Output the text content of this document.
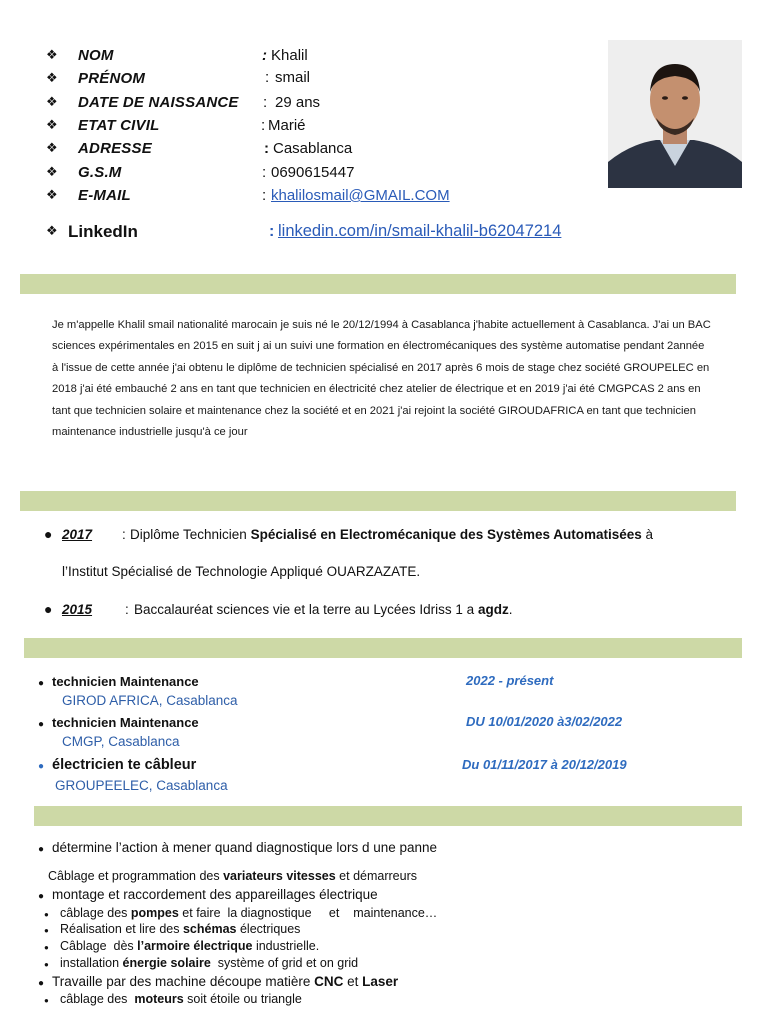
❖ NOM	: Khalil
❖ PRÉNOM	: smail
❖ DATE DE NAISSANCE : 29 ans
❖ ETAT CIVIL	: Marié
❖ ADRESSE	: Casablanca
❖ G.S.M	: 0690615447
❖ E-MAIL	: khalilosmail@GMAIL.COM
❖ LinkedIn	: linkedin.com/in/smail-khalil-b62047214
Je m'appelle Khalil smail nationalité marocain je suis né le 20/12/1994 à Casablanca j'habite actuellement à Casablanca. J'ai un BAC sciences expérimentales en 2015 en suit j ai un suivi une formation en électromécaniques des système automatise pendant 2année à l'issue de cette année j'ai obtenu le diplôme de technicien spécialisé en 2017 après 6 mois de stage chez société GROUPELEC en 2018 j'ai été embauché 2 ans en tant que technicien en électricité chez atelier de électrique et en 2019 j'ai été CMGPCAS 2 ans en tant que technicien solaire et maintenance chez la société et en 2021 j'ai rejoint la société GIROUDAFRICA en tant que technicien maintenance industrielle jusqu'à ce jour
● 2017 : Diplôme Technicien Spécialisé en Electromécanique des Systèmes Automatisées à
l’Institut Spécialisé de Technologie Appliqué OUARZAZATE.
● 2015 : Baccalauréat sciences vie et la terre au Lycées Idriss 1 a agdz.
● technicien Maintenance	2022 - présent
GIROD AFRICA, Casablanca
● technicien Maintenance	DU 10/01/2020 à3/02/2022
CMGP, Casablanca
● électricien te câbleur	Du 01/11/2017 à 20/12/2019
GROUPEELEC, Casablanca
● détermine l’action à mener quand diagnostique lors d une panne
Câblage et programmation des variateurs vitesses et démarreurs
● montage et raccordement des appareillages électrique
● câblage des pompes et faire  la diagnostique     et    maintenance…
● Réalisation et lire des schémas électriques
● Câblage  dès l’armoire électrique industrielle.
● installation énergie solaire  système of grid et on grid
● Travaille par des machine découpe matière CNC et Laser
● câblage des  moteurs soit étoile ou triangle
